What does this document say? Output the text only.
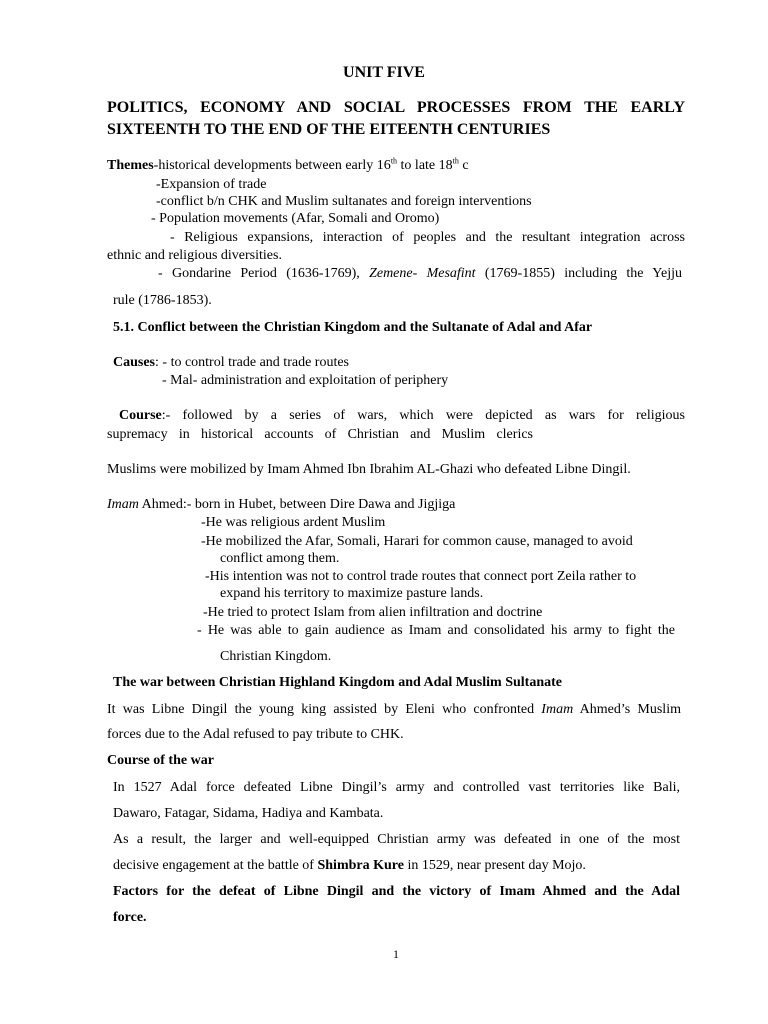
UNIT FIVE
POLITICS, ECONOMY AND SOCIAL PROCESSES FROM THE EARLY
SIXTEENTH TO THE END OF THE EITEENTH CENTURIES
Themes-historical developments between early 16th to late 18th c
-Expansion of trade
-conflict b/n CHK and Muslim sultanates and foreign interventions
- Population movements (Afar, Somali and Oromo)
- Religious expansions, interaction of peoples and the resultant integration across
ethnic and religious diversities.
- Gondarine Period (1636-1769), Zemene- Mesafint (1769-1855) including the Yejju
rule (1786-1853).
5.1. Conflict between the Christian Kingdom and the Sultanate of Adal and Afar
Causes: - to control trade and trade routes
- Mal- administration and exploitation of periphery
Course:- followed by a series of wars, which were depicted as wars for religious
supremacy in historical accounts of Christian and Muslim clerics
Muslims were mobilized by Imam Ahmed Ibn Ibrahim AL-Ghazi who defeated Libne Dingil.
Imam Ahmed:- born in Hubet, between Dire Dawa and Jigjiga
-He was religious ardent Muslim
-He mobilized the Afar, Somali, Harari for common cause, managed to avoid
conflict among them.
-His intention was not to control trade routes that connect port Zeila rather to
expand his territory to maximize pasture lands.
-He tried to protect Islam from alien infiltration and doctrine
- He was able to gain audience as Imam and consolidated his army to fight the
Christian Kingdom.
The war between Christian Highland Kingdom and Adal Muslim Sultanate
It was Libne Dingil the young king assisted by Eleni who confronted Imam Ahmed’s Muslim
forces due to the Adal refused to pay tribute to CHK.
Course of the war
In 1527 Adal force defeated Libne Dingil’s army and controlled vast territories like Bali,
Dawaro, Fatagar, Sidama, Hadiya and Kambata.
As a result, the larger and well-equipped Christian army was defeated in one of the most
decisive engagement at the battle of Shimbra Kure in 1529, near present day Mojo.
Factors for the defeat of Libne Dingil and the victory of Imam Ahmed and the Adal
force.
1
